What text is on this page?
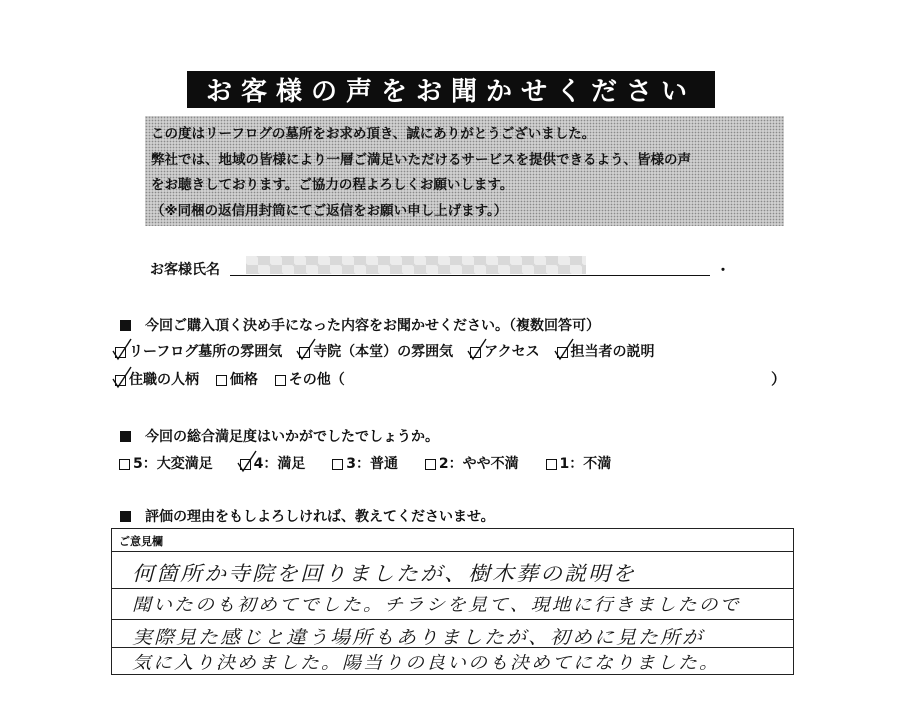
お客様の声をお聞かせください
この度はリーフログの墓所をお求め頂き、誠にありがとうございました。
弊社では、地域の皆様により一層ご満足いただけるサービスを提供できるよう、皆様の声
をお聴きしております。ご協力の程よろしくお願いします。
（※同梱の返信用封筒にてご返信をお願い申し上げます。）
お客様氏名	・
今回ご購入頂く決め手になった内容をお聞かせください。（複数回答可）
リーフログ墓所の雰囲気 寺院（本堂）の雰囲気 アクセス 担当者の説明
住職の人柄 価格 その他（	）
今回の総合満足度はいかがでしたでしょうか。
5：大変満足	4：満足	3：普通	2：やや不満	1：不満
評価の理由をもしよろしければ、教えてくださいませ。
ご意見欄
何箇所か寺院を回りましたが、樹木葬の説明を
聞いたのも初めてでした。チラシを見て、現地に行きましたので
実際見た感じと違う場所もありましたが、初めに見た所が
気に入り決めました。陽当りの良いのも決めてになりました。
